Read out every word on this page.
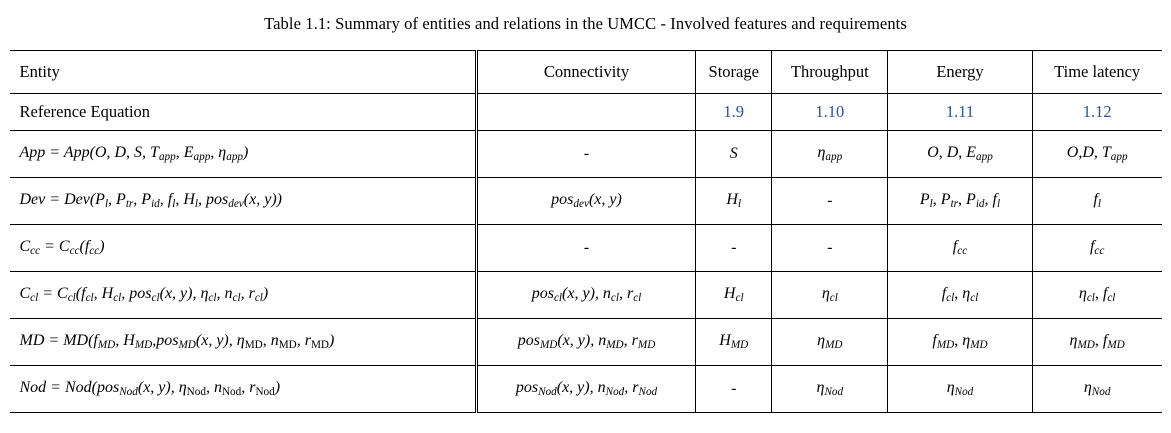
Table 1.1: Summary of entities and relations in the UMCC - Involved features and requirements
Entity	Connectivity	Storage	Throughput	Energy	Time latency
Reference Equation		1.9	1.10	1.11	1.12
App = App(O, D, S, $T_{app}$, $E_{app}$, $\eta_{app}$)	-	S	$\eta_{app}$	O, D, $E_{app}$	O,D, $T_{app}$
Dev = $Dev(P_l$, $P_{tr}$, $P_{id}$, $f_l$, $H_l$, pos$_{dev}$(x, y))	pos$_{dev}$(x, y)	$H_l$	-	$P_l$, $P_{tr}$, $P_{id}$, $f_l$	$f_l$
$C_{cc} = C_{cc}(f_{cc})$	-	-	-	$f_{cc}$	$f_{cc}$
$C_{cl} = C_{cl}(f_{cl}$, $H_{cl}$, pos$_{cl}$(x, y), $\eta_{cl}$, $n_{cl}$, $r_{cl}$)	pos$_{cl}$(x, y), $n_{cl}$, $r_{cl}$	$H_{cl}$	$\eta_{cl}$	$f_{cl}$, $\eta_{cl}$	$\eta_{cl}$, $f_{cl}$
MD = $MD(f_{MD}$, $H_{MD},pos_{MD}(x$, y), ηMD, nMD, rMD)	pos$_{MD}$(x, y), $n_{MD}$, $r_{MD}$	$H_{MD}$	$\eta_{MD}$	$f_{MD}$, $\eta_{MD}$	$\eta_{MD}$, $f_{MD}$
Nod = Nod(pos$_{Nod}$(x, y), ηNod, nNod, rNod)	pos$_{Nod}$(x, y), $n_{Nod}$, $r_{Nod}$	-	$\eta_{Nod}$	$\eta_{Nod}$	$\eta_{Nod}$
